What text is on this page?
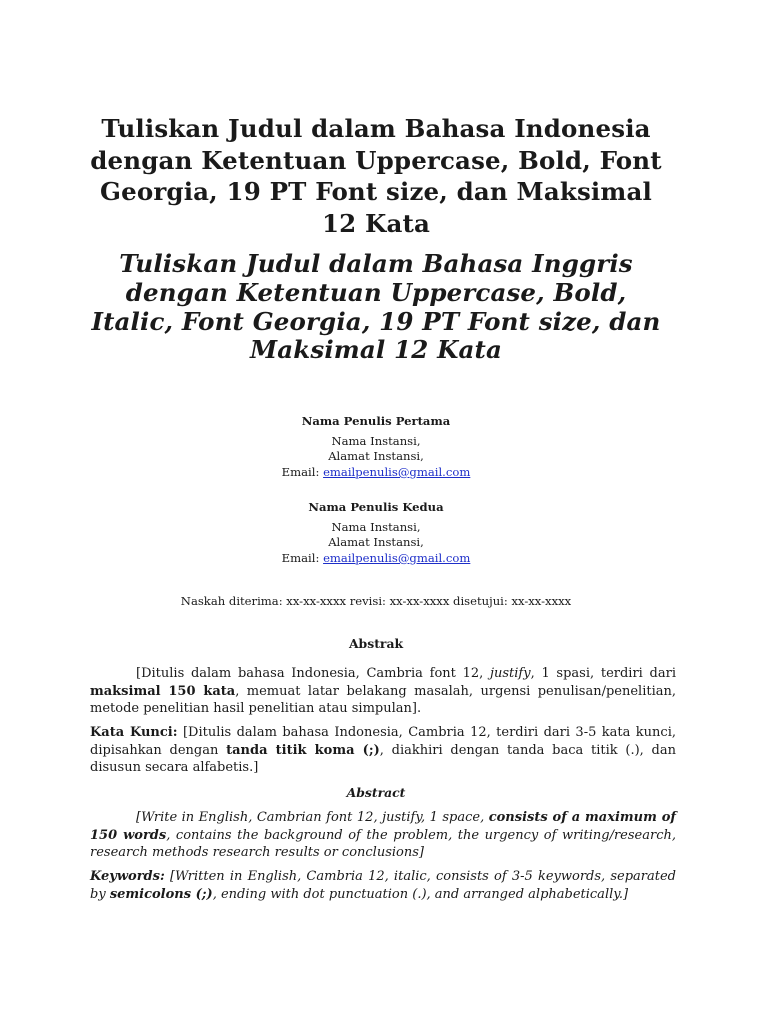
Tuliskan Judul dalam Bahasa Indonesia dengan Ketentuan Uppercase, Bold, Font Georgia, 19 PT Font size, dan Maksimal 12 Kata
Tuliskan Judul dalam Bahasa Inggris dengan Ketentuan Uppercase, Bold, Italic, Font Georgia, 19 PT Font size, dan Maksimal 12 Kata
Nama Penulis Pertama
Nama Instansi,
Alamat Instansi,
Email: emailpenulis@gmail.com
Nama Penulis Kedua
Nama Instansi,
Alamat Instansi,
Email: emailpenulis@gmail.com
Naskah diterima: xx-xx-xxxx revisi: xx-xx-xxxx disetujui: xx-xx-xxxx
Abstrak

[Ditulis dalam bahasa Indonesia, Cambria font 12, justify, 1 spasi, terdiri dari maksimal 150 kata, memuat latar belakang masalah, urgensi penulisan/penelitian, metode penelitian hasil penelitian atau simpulan].

Kata Kunci: [Ditulis dalam bahasa Indonesia, Cambria 12, terdiri dari 3-5 kata kunci, dipisahkan dengan tanda titik koma (;), diakhiri dengan tanda baca titik (.), dan disusun secara alfabetis.]

Abstract

[Write in English, Cambrian font 12, justify, 1 space, consists of a maximum of 150 words, contains the background of the problem, the urgency of writing/research, research methods research results or conclusions]

Keywords: [Written in English, Cambria 12, italic, consists of 3-5 keywords, separated by semicolons (;), ending with dot punctuation (.), and arranged alphabetically.]
